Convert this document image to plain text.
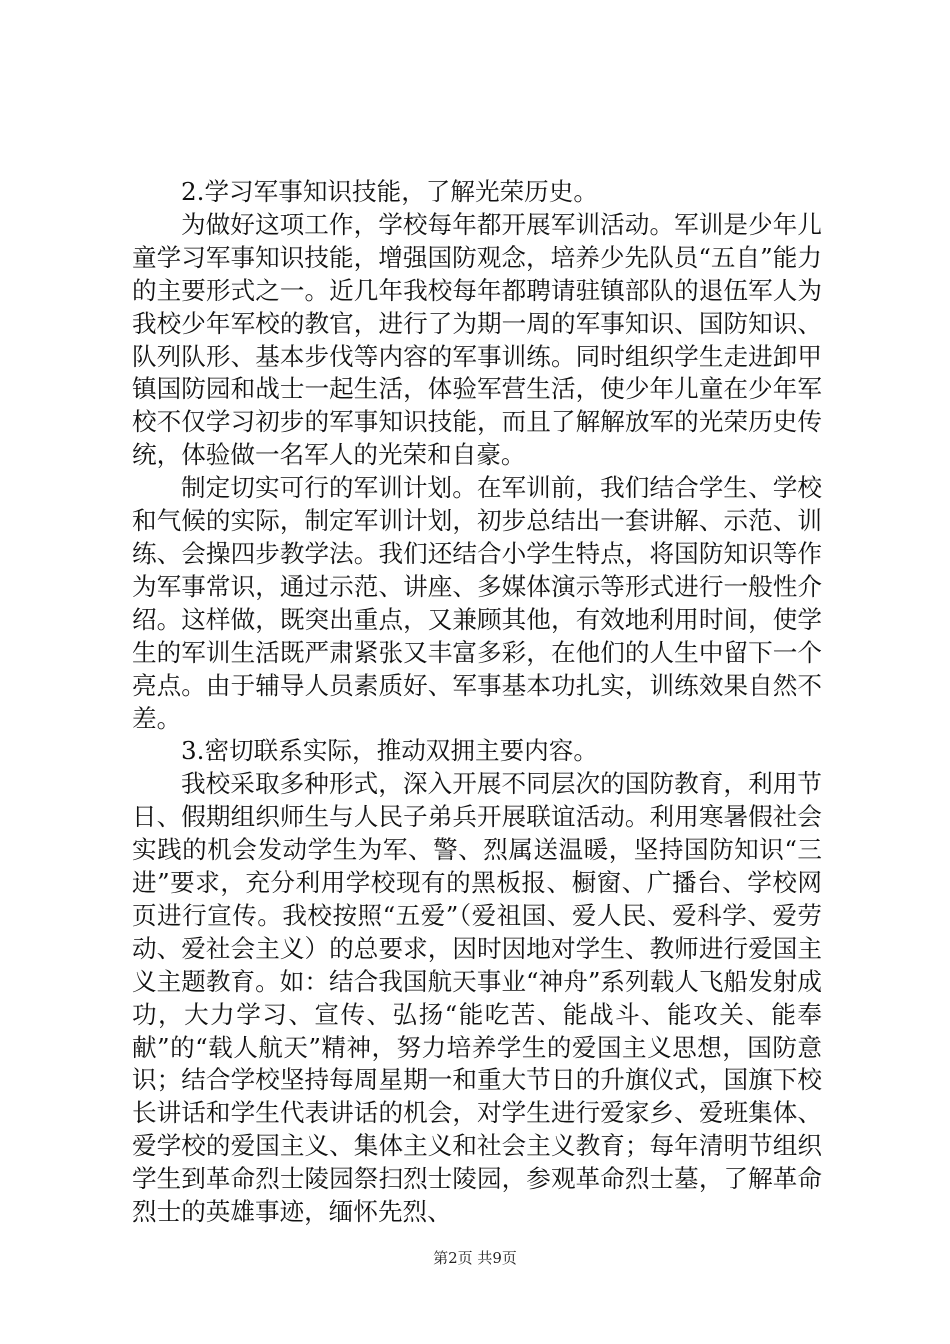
2.学习军事知识技能，了解光荣历史。

为做好这项工作，学校每年都开展军训活动。军训是少年儿童学习军事知识技能，增强国防观念，培养少先队员“五自”能力的主要形式之一。近几年我校每年都聘请驻镇部队的退伍军人为我校少年军校的教官，进行了为期一周的军事知识、国防知识、队列队形、基本步伐等内容的军事训练。同时组织学生走进卸甲镇国防园和战士一起生活，体验军营生活，使少年儿童在少年军校不仅学习初步的军事知识技能，而且了解解放军的光荣历史传统，体验做一名军人的光荣和自豪。

制定切实可行的军训计划。在军训前，我们结合学生、学校和气候的实际，制定军训计划，初步总结出一套讲解、示范、训练、会操四步教学法。我们还结合小学生特点，将国防知识等作为军事常识，通过示范、讲座、多媒体演示等形式进行一般性介绍。这样做，既突出重点，又兼顾其他，有效地利用时间，使学生的军训生活既严肃紧张又丰富多彩，在他们的人生中留下一个亮点。由于辅导人员素质好、军事基本功扎实，训练效果自然不差。

3.密切联系实际，推动双拥主要内容。

我校采取多种形式，深入开展不同层次的国防教育，利用节日、假期组织师生与人民子弟兵开展联谊活动。利用寒暑假社会实践的机会发动学生为军、警、烈属送温暖，坚持国防知识“三进”要求，充分利用学校现有的黑板报、橱窗、广播台、学校网页进行宣传。我校按照“五爱”（爱祖国、爱人民、爱科学、爱劳动、爱社会主义）的总要求，因时因地对学生、教师进行爱国主义主题教育。如：结合我国航天事业“神舟”系列载人飞船发射成功，大力学习、宣传、弘扬“能吃苦、能战斗、能攻关、能奉献”的“载人航天”精神，努力培养学生的爱国主义思想，国防意识；结合学校坚持每周星期一和重大节日的升旗仪式，国旗下校长讲话和学生代表讲话的机会，对学生进行爱家乡、爱班集体、爱学校的爱国主义、集体主义和社会主义教育；每年清明节组织学生到革命烈士陵园祭扫烈士陵园，参观革命烈士墓，了解革命烈士的英雄事迹，缅怀先烈、

第2页 共9页
